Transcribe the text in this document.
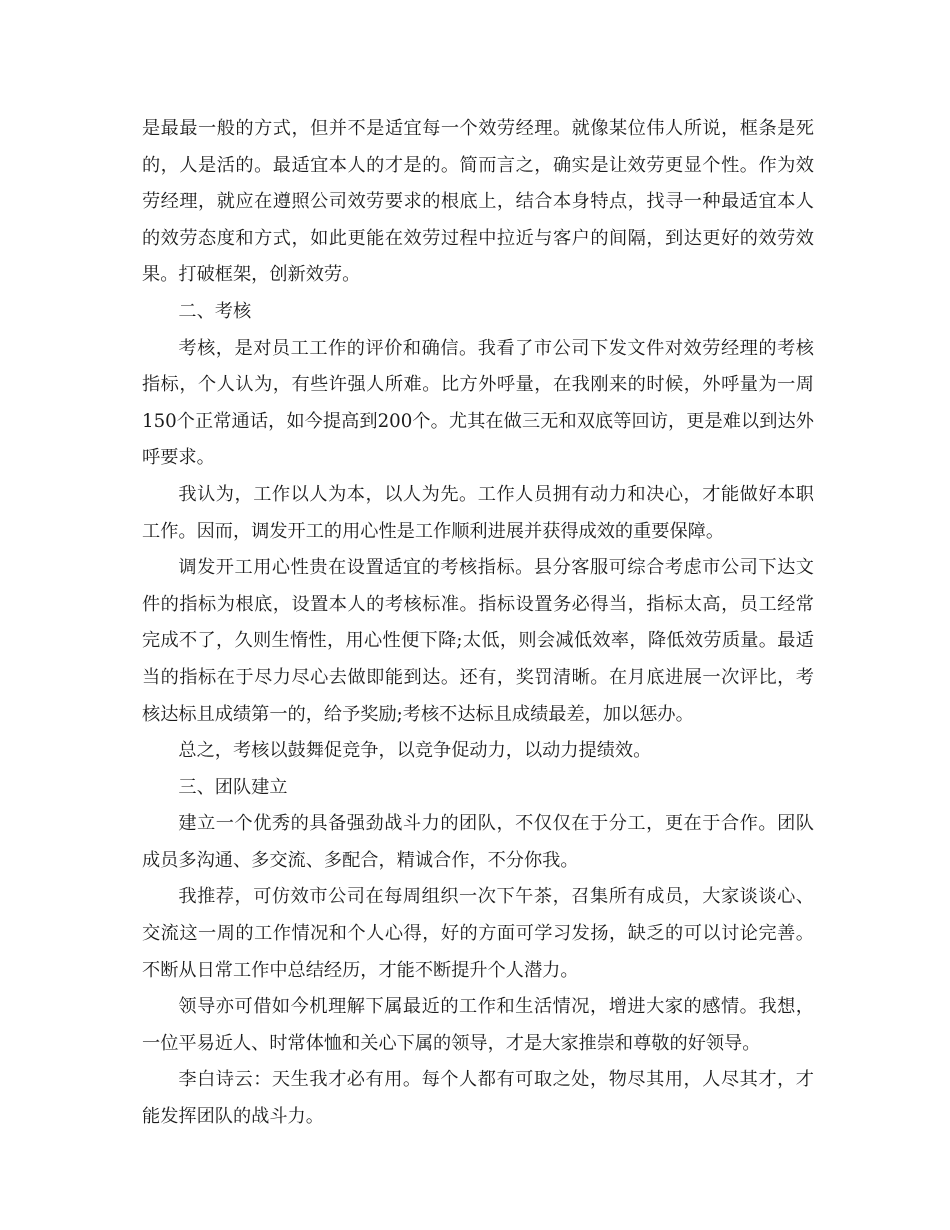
是最最一般的方式，但并不是适宜每一个效劳经理。就像某位伟人所说，框条是死的，人是活的。最适宜本人的才是的。简而言之，确实是让效劳更显个性。作为效劳经理，就应在遵照公司效劳要求的根底上，结合本身特点，找寻一种最适宜本人的效劳态度和方式，如此更能在效劳过程中拉近与客户的间隔，到达更好的效劳效果。打破框架，创新效劳。

二、考核

考核，是对员工工作的评价和确信。我看了市公司下发文件对效劳经理的考核指标，个人认为，有些许强人所难。比方外呼量，在我刚来的时候，外呼量为一周150个正常通话，如今提高到200个。尤其在做三无和双底等回访，更是难以到达外呼要求。

我认为，工作以人为本，以人为先。工作人员拥有动力和决心，才能做好本职工作。因而，调发开工的用心性是工作顺利进展并获得成效的重要保障。

调发开工用心性贵在设置适宜的考核指标。县分客服可综合考虑市公司下达文件的指标为根底，设置本人的考核标准。指标设置务必得当，指标太高，员工经常完成不了，久则生惰性，用心性便下降;太低，则会减低效率，降低效劳质量。最适当的指标在于尽力尽心去做即能到达。还有，奖罚清晰。在月底进展一次评比，考核达标且成绩第一的，给予奖励;考核不达标且成绩最差，加以惩办。

总之，考核以鼓舞促竞争，以竞争促动力，以动力提绩效。

三、团队建立

建立一个优秀的具备强劲战斗力的团队，不仅仅在于分工，更在于合作。团队成员多沟通、多交流、多配合，精诚合作，不分你我。

我推荐，可仿效市公司在每周组织一次下午茶，召集所有成员，大家谈谈心、交流这一周的工作情况和个人心得，好的方面可学习发扬，缺乏的可以讨论完善。不断从日常工作中总结经历，才能不断提升个人潜力。

领导亦可借如今机理解下属最近的工作和生活情况，增进大家的感情。我想，一位平易近人、时常体恤和关心下属的领导，才是大家推崇和尊敬的好领导。

李白诗云：天生我才必有用。每个人都有可取之处，物尽其用，人尽其才，才能发挥团队的战斗力。
